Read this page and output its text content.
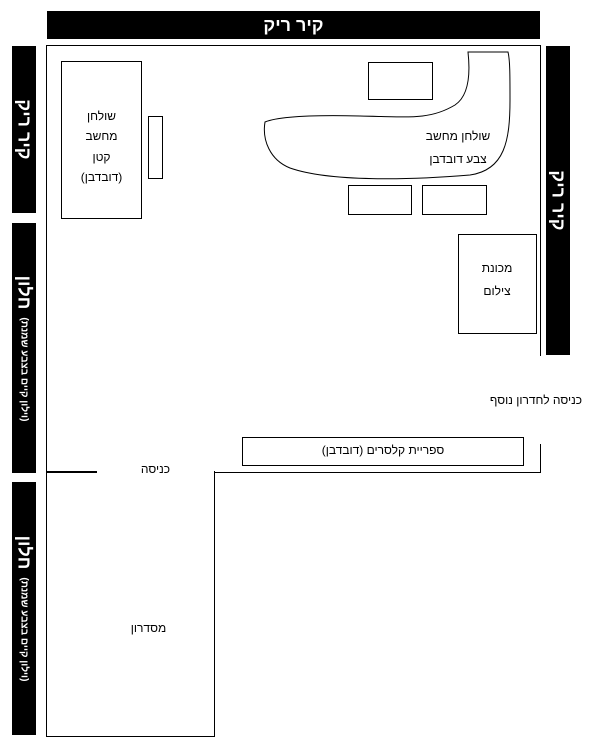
קיר ריק
קיר ריק
קיר ריק
חלון
(וילון קיים בצבע שמנת)
חלון
(וילון קיים בצבע שמנת)
שולחן
מחשב
קטן
(דובדבן)
שולחן מחשב
צבע דובדבן
מכונת
צילום
כניסה לחדרון נוסף
ספריית קלסרים (דובדבן)
כניסה
מסדרון
